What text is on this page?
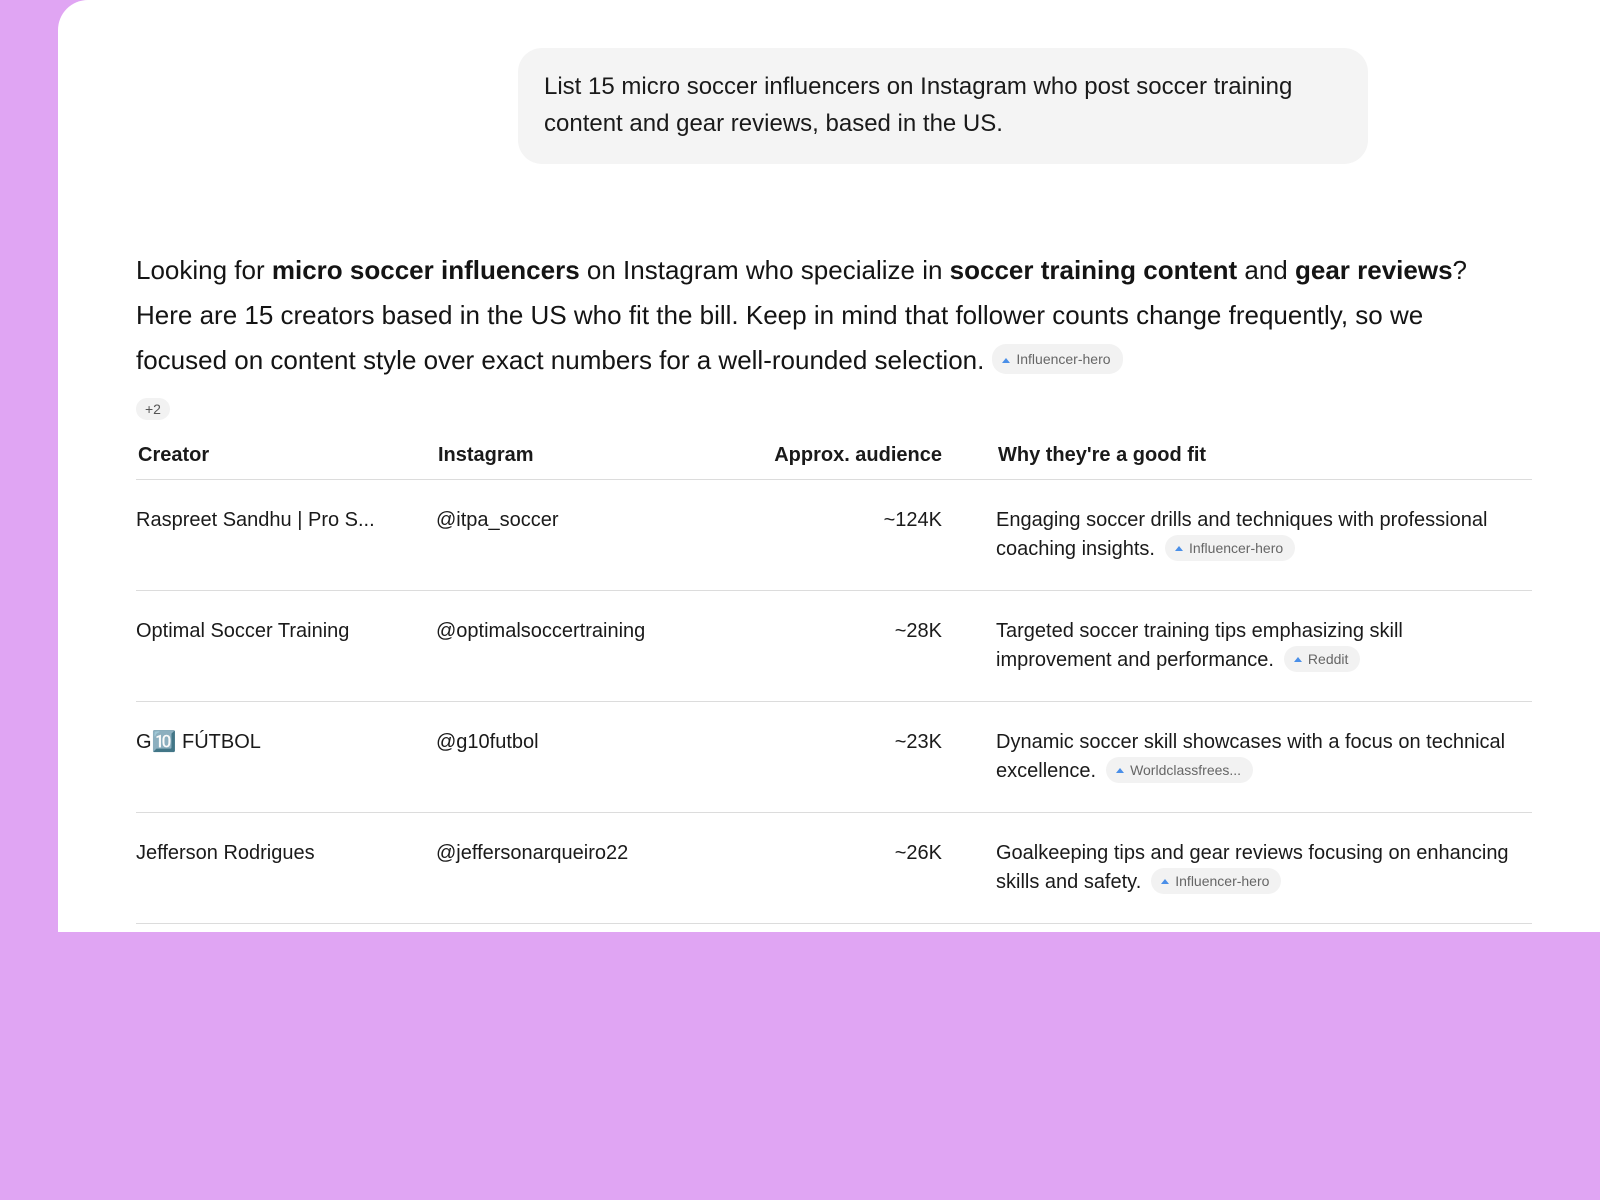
List 15 micro soccer influencers on Instagram who post soccer training content and gear reviews, based in the US.
Looking for micro soccer influencers on Instagram who specialize in soccer training content and gear reviews? Here are 15 creators based in the US who fit the bill. Keep in mind that follower counts change frequently, so we focused on content style over exact numbers for a well-rounded selection. Influencer-hero
+2
Creator	Instagram	Approx. audience	Why they're a good fit
Raspreet Sandhu | Pro S...	@itpa_soccer	~124K	Engaging soccer drills and techniques with professional coaching insights. Influencer-hero

Optimal Soccer Training	@optimalsoccertraining	~28K	Targeted soccer training tips emphasizing skill improvement and performance. Reddit

G🔟 FÚTBOL	@g10futbol	~23K	Dynamic soccer skill showcases with a focus on technical excellence. Worldclassfrees...

Jefferson Rodrigues	@jeffersonarqueiro22	~26K	Goalkeeping tips and gear reviews focusing on enhancing skills and safety. Influencer-hero
